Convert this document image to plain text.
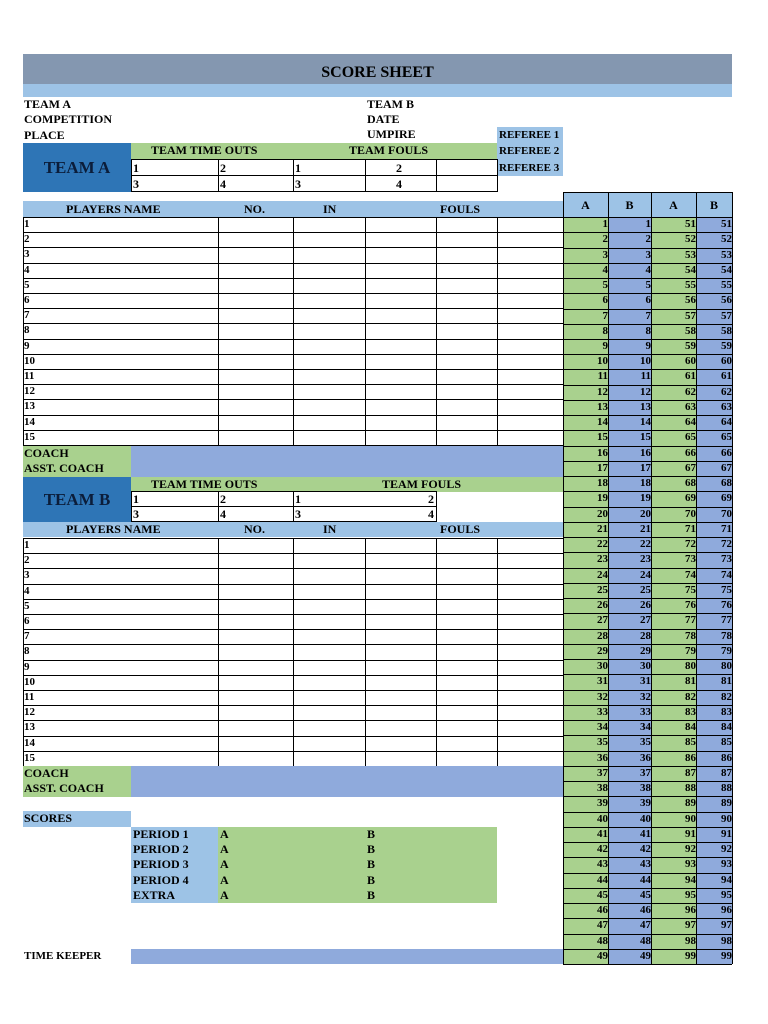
SCORE SHEET
TEAM A
COMPETITION
PLACE
TEAM B
DATE
UMPIRE	REFEREE 1
REFEREE 2
REFEREE 3
TEAM A
TEAM TIME OUTS	TEAM FOULS
1	2	1	2
3	4	3	4
PLAYERS NAME	NO.	IN	FOULS
1
2
3
4
5
6
7
8
9
10
11
12
13
14
15
COACH
ASST. COACH
TEAM B
TEAM TIME OUTS	TEAM FOULS
1	2	1	2
3	4	3	4
PLAYERS NAME	NO.	IN	FOULS
1
2
3
4
5
6
7
8
9
10
11
12
13
14
15
COACH
ASST. COACH
SCORES
PERIOD 1	A	B
PERIOD 2	A	B
PERIOD 3	A	B
PERIOD 4	A	B
EXTRA	A	B
TIME KEEPER
A	B	A	B
1	1	51	51
2	2	52	52
3	3	53	53
4	4	54	54
5	5	55	55
6	6	56	56
7	7	57	57
8	8	58	58
9	9	59	59
10	10	60	60
11	11	61	61
12	12	62	62
13	13	63	63
14	14	64	64
15	15	65	65
16	16	66	66
17	17	67	67
18	18	68	68
19	19	69	69
20	20	70	70
21	21	71	71
22	22	72	72
23	23	73	73
24	24	74	74
25	25	75	75
26	26	76	76
27	27	77	77
28	28	78	78
29	29	79	79
30	30	80	80
31	31	81	81
32	32	82	82
33	33	83	83
34	34	84	84
35	35	85	85
36	36	86	86
37	37	87	87
38	38	88	88
39	39	89	89
40	40	90	90
41	41	91	91
42	42	92	92
43	43	93	93
44	44	94	94
45	45	95	95
46	46	96	96
47	47	97	97
48	48	98	98
49	49	99	99
